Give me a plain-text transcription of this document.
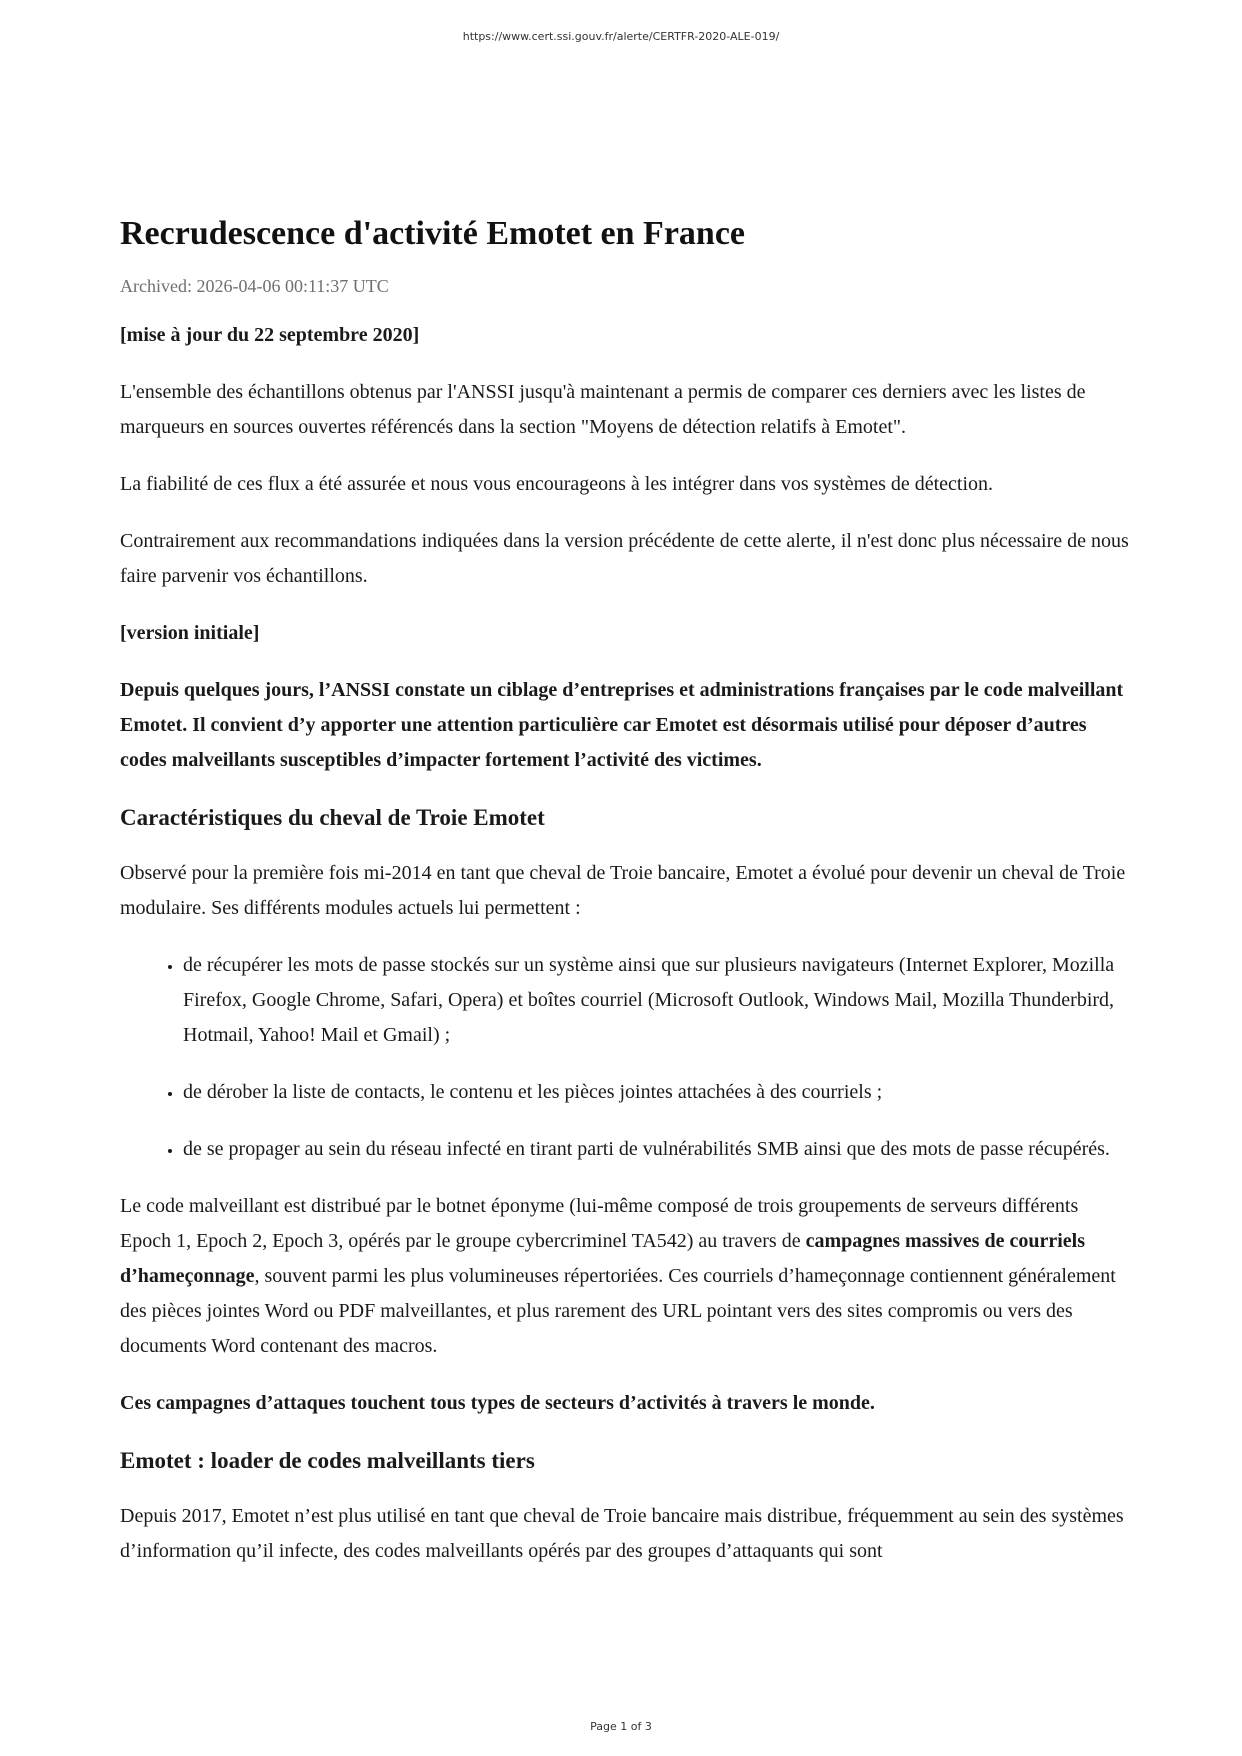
https://www.cert.ssi.gouv.fr/alerte/CERTFR-2020-ALE-019/
Recrudescence d'activité Emotet en France
Archived: 2026-04-06 00:11:37 UTC

[mise à jour du 22 septembre 2020]

L'ensemble des échantillons obtenus par l'ANSSI jusqu'à maintenant a permis de comparer ces derniers avec les listes de marqueurs en sources ouvertes référencés dans la section "Moyens de détection relatifs à Emotet".

La fiabilité de ces flux a été assurée et nous vous encourageons à les intégrer dans vos systèmes de détection.

Contrairement aux recommandations indiquées dans la version précédente de cette alerte, il n'est donc plus nécessaire de nous faire parvenir vos échantillons.

[version initiale]

Depuis quelques jours, l’ANSSI constate un ciblage d’entreprises et administrations françaises par le code malveillant Emotet. Il convient d’y apporter une attention particulière car Emotet est désormais utilisé pour déposer d’autres codes malveillants susceptibles d’impacter fortement l’activité des victimes.

Caractéristiques du cheval de Troie Emotet

Observé pour la première fois mi-2014 en tant que cheval de Troie bancaire, Emotet a évolué pour devenir un cheval de Troie modulaire. Ses différents modules actuels lui permettent :

• de récupérer les mots de passe stockés sur un système ainsi que sur plusieurs navigateurs (Internet Explorer, Mozilla Firefox, Google Chrome, Safari, Opera) et boîtes courriel (Microsoft Outlook, Windows Mail, Mozilla Thunderbird, Hotmail, Yahoo! Mail et Gmail) ;
• de dérober la liste de contacts, le contenu et les pièces jointes attachées à des courriels ;
• de se propager au sein du réseau infecté en tirant parti de vulnérabilités SMB ainsi que des mots de passe récupérés.

Le code malveillant est distribué par le botnet éponyme (lui-même composé de trois groupements de serveurs différents Epoch 1, Epoch 2, Epoch 3, opérés par le groupe cybercriminel TA542) au travers de campagnes massives de courriels d’hameçonnage, souvent parmi les plus volumineuses répertoriées. Ces courriels d’hameçonnage contiennent généralement des pièces jointes Word ou PDF malveillantes, et plus rarement des URL pointant vers des sites compromis ou vers des documents Word contenant des macros.

Ces campagnes d’attaques touchent tous types de secteurs d’activités à travers le monde.

Emotet : loader de codes malveillants tiers

Depuis 2017, Emotet n’est plus utilisé en tant que cheval de Troie bancaire mais distribue, fréquemment au sein des systèmes d’information qu’il infecte, des codes malveillants opérés par des groupes d’attaquants qui sont

Page 1 of 3
